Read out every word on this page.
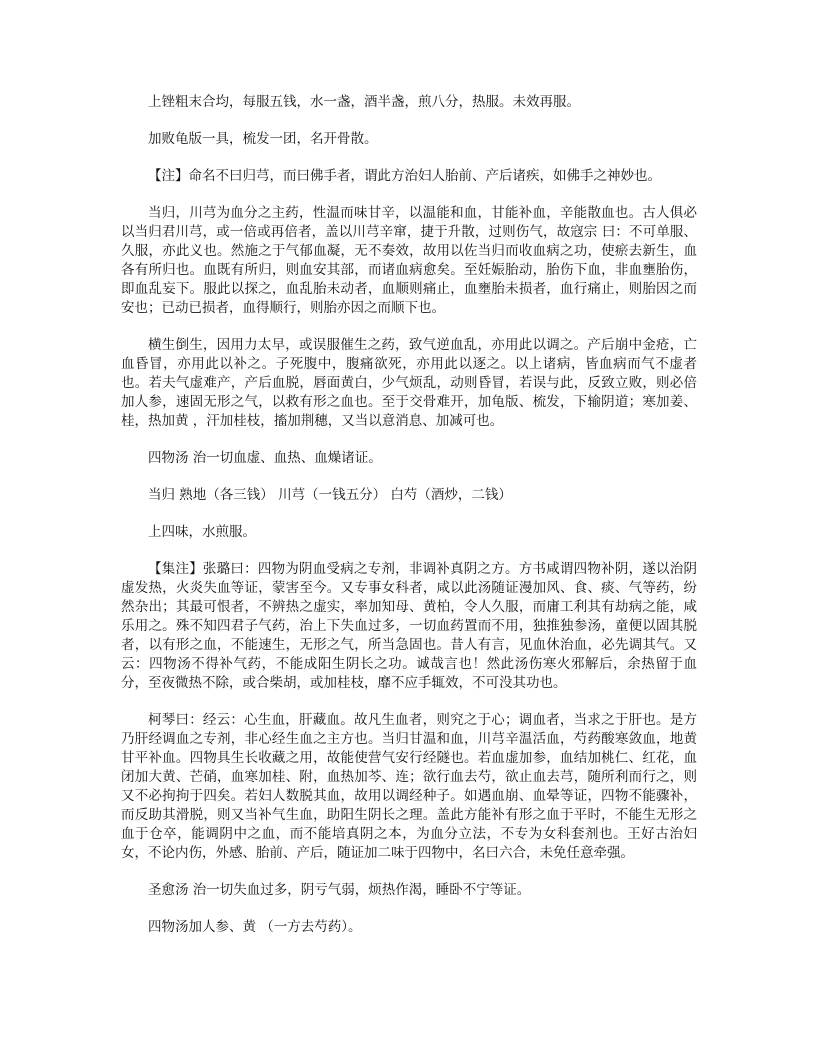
上锉粗末合均，每服五钱，水一盏，酒半盏，煎八分，热服。未效再服。

加败龟版一具，梳发一团，名开骨散。

【注】命名不曰归芎，而曰佛手者，谓此方治妇人胎前、产后诸疾，如佛手之神妙也。

当归，川芎为血分之主药，性温而味甘辛，以温能和血，甘能补血，辛能散血也。古人俱必以当归君川芎，或一倍或再倍者，盖以川芎辛窜，捷于升散，过则伤气，故寇宗 曰：不可单服、久服，亦此义也。然施之于气郁血凝，无不奏效，故用以佐当归而收血病之功，使瘀去新生，血各有所归也。血既有所归，则血安其部，而诸血病愈矣。至妊娠胎动，胎伤下血，非血壅胎伤，即血乱妄下。服此以探之，血乱胎未动者，血顺则痛止，血壅胎未损者，血行痛止，则胎因之而安也；已动已损者，血得顺行，则胎亦因之而顺下也。

横生倒生，因用力太早，或误服催生之药，致气逆血乱，亦用此以调之。产后崩中金疮，亡血昏冒，亦用此以补之。子死腹中，腹痛欲死，亦用此以逐之。以上诸病，皆血病而气不虚者也。若夫气虚难产，产后血脱，唇面黄白，少气烦乱，动则昏冒，若误与此，反致立败，则必倍加人参，速固无形之气，以救有形之血也。至于交骨难开，加龟版、梳发，下输阴道；寒加姜、桂，热加黄 ，汗加桂枝，搐加荆穗，又当以意消息、加减可也。

四物汤 治一切血虚、血热、血燥诸证。

当归 熟地（各三钱） 川芎（一钱五分） 白芍（酒炒，二钱）

上四味，水煎服。

【集注】张璐曰：四物为阴血受病之专剂，非调补真阴之方。方书咸谓四物补阴，遂以治阴虚发热，火炎失血等证，蒙害至今。又专事女科者，咸以此汤随证漫加风、食、痰、气等药，纷然杂出；其最可恨者，不辨热之虚实，率加知母、黄柏，令人久服，而庸工利其有劫病之能，咸乐用之。殊不知四君子气药，治上下失血过多，一切血药置而不用，独推独参汤，童便以固其脱者，以有形之血，不能速生，无形之气，所当急固也。昔人有言，见血休治血，必先调其气。又云：四物汤不得补气药，不能成阳生阴长之功。诚哉言也！然此汤伤寒火邪解后，余热留于血分，至夜微热不除，或合柴胡，或加桂枝，靡不应手辄效，不可没其功也。

柯琴曰：经云：心生血，肝藏血。故凡生血者，则究之于心；调血者，当求之于肝也。是方乃肝经调血之专剂，非心经生血之主方也。当归甘温和血，川芎辛温活血，芍药酸寒敛血，地黄甘平补血。四物具生长收藏之用，故能使营气安行经隧也。若血虚加参，血结加桃仁、红花，血闭加大黄、芒硝，血寒加桂、附，血热加芩、连；欲行血去芍，欲止血去芎，随所利而行之，则又不必拘拘于四矣。若妇人数脱其血，故用以调经种子。如遇血崩、血晕等证，四物不能骤补，而反助其滑脱，则又当补气生血，助阳生阴长之理。盖此方能补有形之血于平时，不能生无形之血于仓卒，能调阴中之血，而不能培真阴之本，为血分立法，不专为女科套剂也。王好古治妇女，不论内伤，外感、胎前、产后，随证加二味于四物中，名曰六合，未免任意牵强。

圣愈汤 治一切失血过多，阴亏气弱，烦热作渴，睡卧不宁等证。

四物汤加人参、黄 （一方去芍药）。
